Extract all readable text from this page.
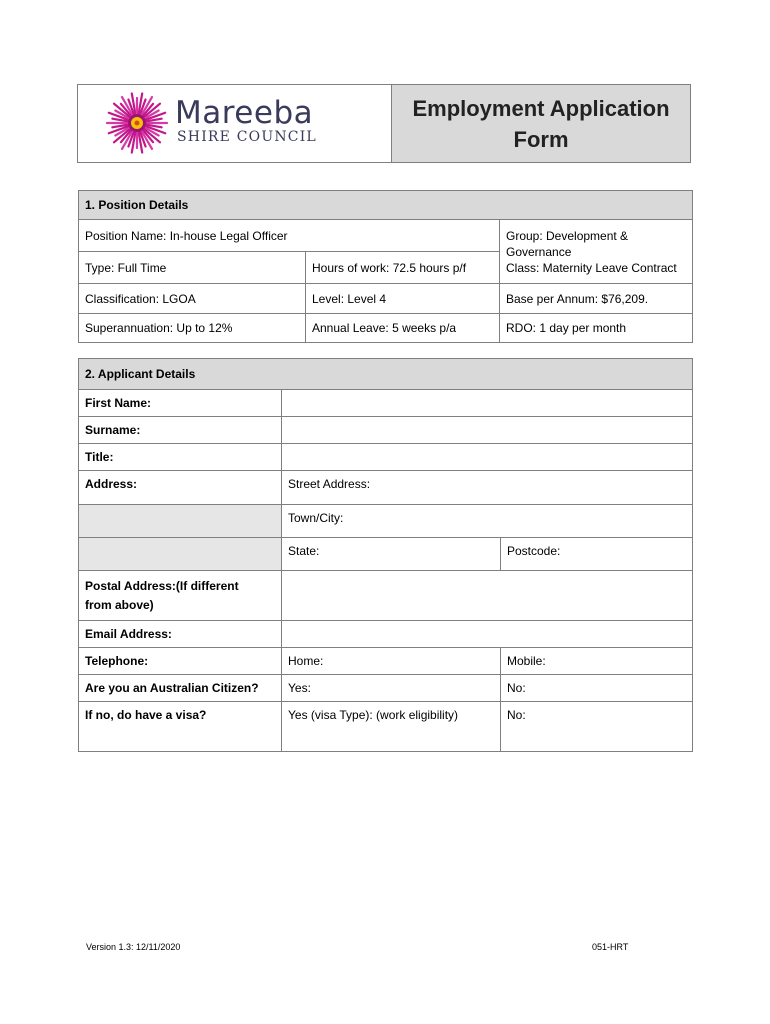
Mareeba
SHIRE COUNCIL
Employment Application
Form
1. Position Details		
Position Name: In-house Legal Officer		Group: Development & Governance
Class: Maternity Leave Contract

Type: Full Time	Hours of work: 72.5 hours p/f	
Classification: LGOA	Level: Level 4	Base per Annum: $76,209.
Superannuation: Up to 12%	Annual Leave: 5 weeks p/a	RDO: 1 day per month
2. Applicant Details		
First Name:		
Surname:		
Title:		
Address:	Street Address:	
	Town/City:	
	State:	Postcode:

Postal Address:(If different
from above)		

Email Address:		
Telephone:	Home:	Mobile:
Are you an Australian Citizen?	Yes:	No:
If no, do have a visa?	Yes (visa Type): (work eligibility)	No:
Version 1.3: 12/11/2020	051-HRT
